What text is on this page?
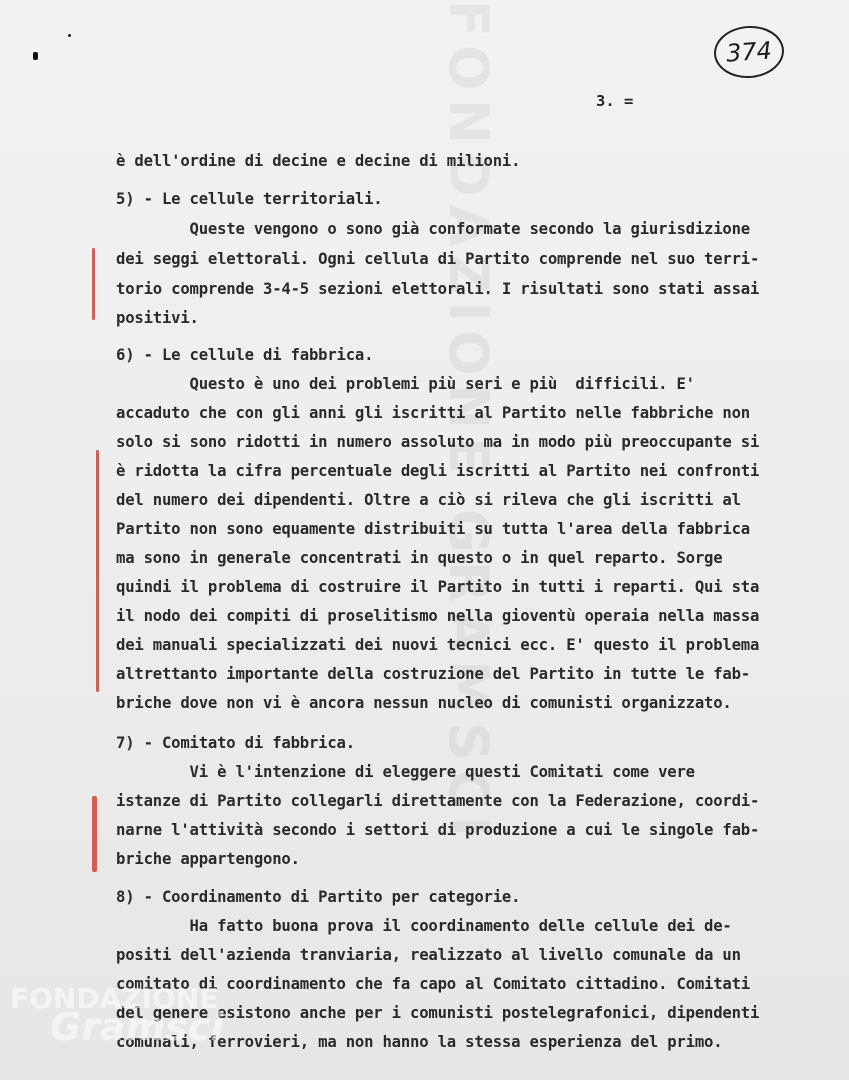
FONDAZIONE GRAMSCI	374
3. =
è dell'ordine di decine e decine di milioni.
5) - Le cellule territoriali.
Queste vengono o sono già conformate secondo la giurisdizione
dei seggi elettorali. Ogni cellula di Partito comprende nel suo terri-
torio comprende 3-4-5 sezioni elettorali. I risultati sono stati assai
positivi.
6) - Le cellule di fabbrica.
Questo è uno dei problemi più seri e più  difficili. E'
accaduto che con gli anni gli iscritti al Partito nelle fabbriche non
solo si sono ridotti in numero assoluto ma in modo più preoccupante si
è ridotta la cifra percentuale degli iscritti al Partito nei confronti
del numero dei dipendenti. Oltre a ciò si rileva che gli iscritti al
Partito non sono equamente distribuiti su tutta l'area della fabbrica
ma sono in generale concentrati in questo o in quel reparto. Sorge
quindi il problema di costruire il Partito in tutti i reparti. Qui sta
il nodo dei compiti di proselitismo nella gioventù operaia nella massa
dei manuali specializzati dei nuovi tecnici ecc. E' questo il problema
altrettanto importante della costruzione del Partito in tutte le fab-
briche dove non vi è ancora nessun nucleo di comunisti organizzato.
7) - Comitato di fabbrica.
Vi è l'intenzione di eleggere questi Comitati come vere
istanze di Partito collegarli direttamente con la Federazione, coordi-
narne l'attività secondo i settori di produzione a cui le singole fab-
briche appartengono.
8) - Coordinamento di Partito per categorie.
Ha fatto buona prova il coordinamento delle cellule dei de-
positi dell'azienda tranviaria, realizzato al livello comunale da un
comitato di coordinamento che fa capo al Comitato cittadino. Comitati
del genere esistono anche per i comunisti postelegrafonici, dipendenti
comunali, ferrovieri, ma non hanno la stessa esperienza del primo.
FONDAZIONE
Gramsci
